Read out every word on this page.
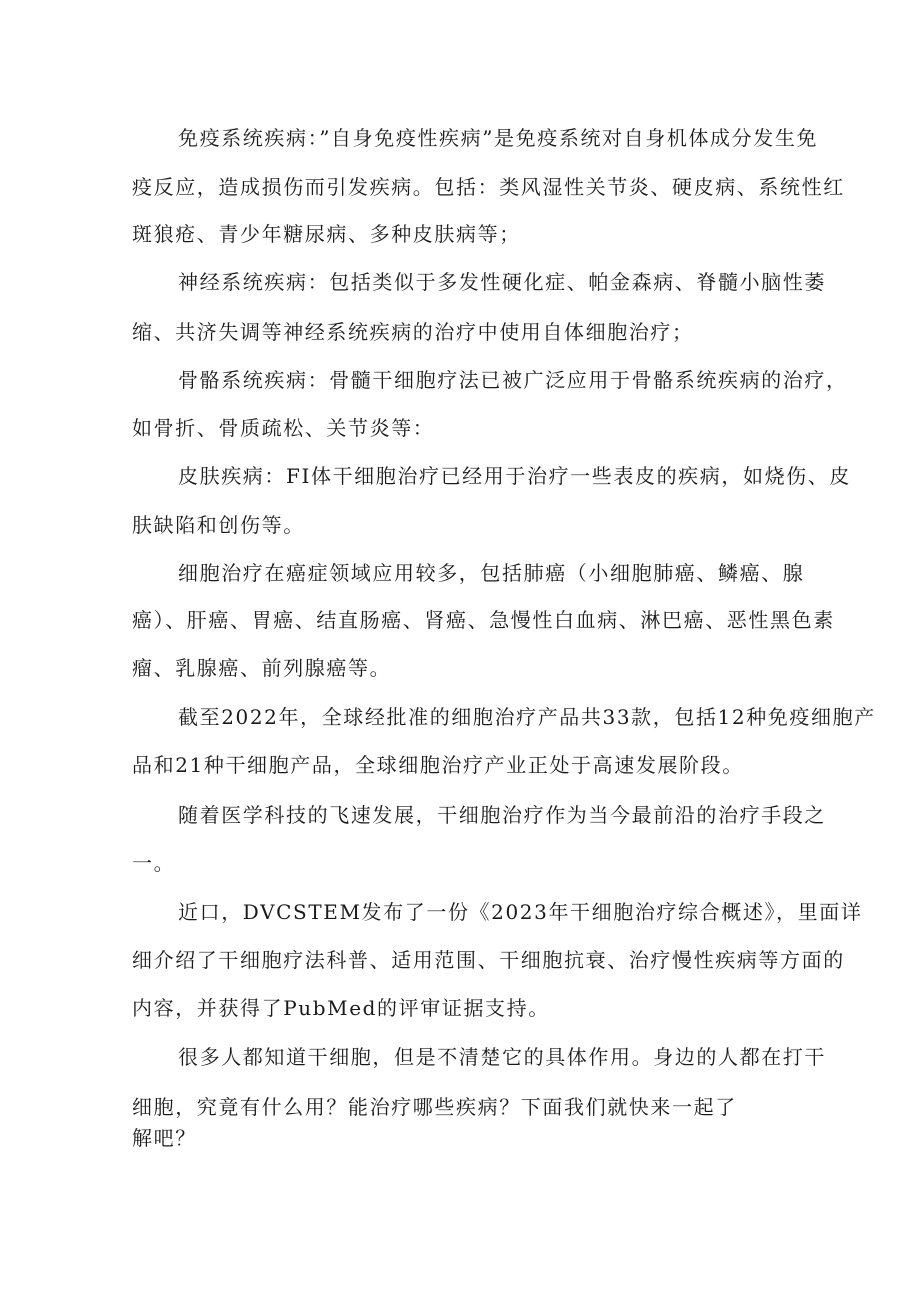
免疫系统疾病：”自身免疫性疾病”是免疫系统对自身机体成分发生免
疫反应，造成损伤而引发疾病。包括：类风湿性关节炎、硬皮病、系统性红
斑狼疮、青少年糖尿病、多种皮肤病等；
神经系统疾病：包括类似于多发性硬化症、帕金森病、脊髓小脑性萎
缩、共济失调等神经系统疾病的治疗中使用自体细胞治疗；
骨骼系统疾病：骨髓干细胞疗法已被广泛应用于骨骼系统疾病的治疗，
如骨折、骨质疏松、关节炎等：
皮肤疾病：FI体干细胞治疗已经用于治疗一些表皮的疾病，如烧伤、皮
肤缺陷和创伤等。
细胞治疗在癌症领域应用较多，包括肺癌（小细胞肺癌、鳞癌、腺
癌）、肝癌、胃癌、结直肠癌、肾癌、急慢性白血病、淋巴癌、恶性黑色素
瘤、乳腺癌、前列腺癌等。
截至2022年，全球经批准的细胞治疗产品共33款，包括12种免疫细胞产
品和21种干细胞产品，全球细胞治疗产业正处于高速发展阶段。
随着医学科技的飞速发展，干细胞治疗作为当今最前沿的治疗手段之
一。
近口，DVCSTEM发布了一份《2023年干细胞治疗综合概述》，里面详
细介绍了干细胞疗法科普、适用范围、干细胞抗衰、治疗慢性疾病等方面的
内容，并获得了PubMed的评审证据支持。
很多人都知道干细胞，但是不清楚它的具体作用。身边的人都在打干
细胞，究竟有什么用？能治疗哪些疾病？下面我们就快来一起了
解吧？
